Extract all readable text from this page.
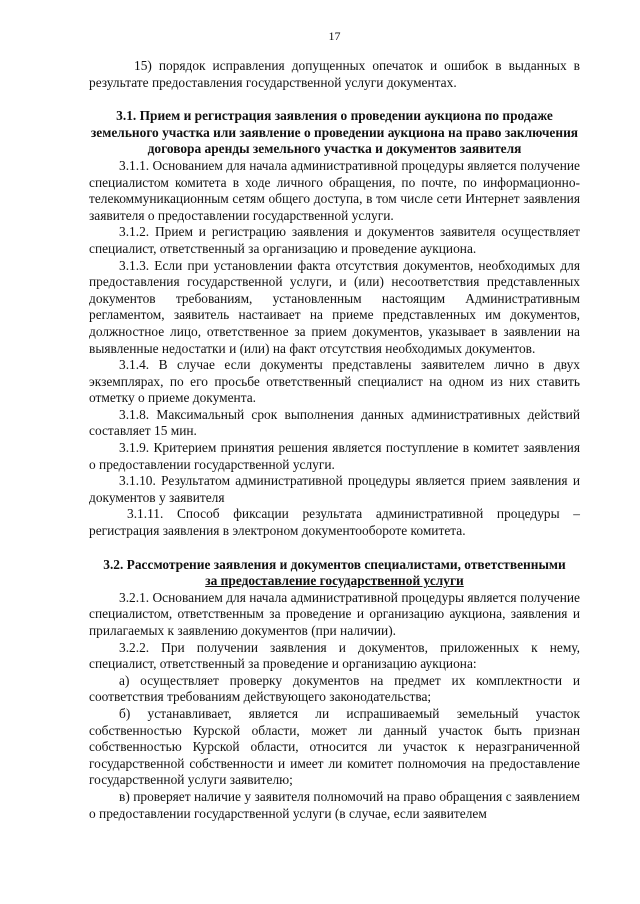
17

15) порядок исправления допущенных опечаток и ошибок в выданных в результате предоставления государственной услуги документах.

3.1. Прием и регистрация заявления о проведении аукциона по продаже земельного участка или заявление о проведении аукциона на право заключения договора аренды земельного участка и документов заявителя

3.1.1. Основанием для начала административной процедуры является получение специалистом комитета в ходе личного обращения, по почте, по информационно-телекоммуникационным сетям общего доступа, в том числе сети Интернет заявления заявителя о предоставлении государственной услуги.

3.1.2. Прием и регистрацию заявления и документов заявителя осуществляет специалист, ответственный за организацию и проведение аукциона.

3.1.3. Если при установлении факта отсутствия документов, необходимых для предоставления государственной услуги, и (или) несоответствия представленных документов требованиям, установленным настоящим Административным регламентом, заявитель настаивает на приеме представленных им документов, должностное лицо, ответственное за прием документов, указывает в заявлении на выявленные недостатки и (или) на факт отсутствия необходимых документов.

3.1.4. В случае если документы представлены заявителем лично в двух экземплярах, по его просьбе ответственный специалист на одном из них ставить отметку о приеме документа.

3.1.8. Максимальный срок выполнения данных административных действий составляет 15 мин.

3.1.9. Критерием принятия решения является поступление в комитет заявления о предоставлении государственной услуги.

3.1.10. Результатом административной процедуры является прием заявления и документов у заявителя

3.1.11. Способ фиксации результата административной процедуры – регистрация заявления в электроном документообороте комитета.

3.2. Рассмотрение заявления и документов специалистами, ответственными
за предоставление государственной услуги

3.2.1. Основанием для начала административной процедуры является получение специалистом, ответственным за проведение и организацию аукциона, заявления и прилагаемых к заявлению документов (при наличии).

3.2.2. При получении заявления и документов, приложенных к нему, специалист, ответственный за проведение и организацию аукциона:

а) осуществляет проверку документов на предмет их комплектности и соответствия требованиям действующего законодательства;

б) устанавливает, является ли испрашиваемый земельный участок собственностью Курской области, может ли данный участок быть признан собственностью Курской области, относится ли участок к неразграниченной государственной собственности и имеет ли комитет полномочия на предоставление государственной услуги заявителю;

в) проверяет наличие у заявителя полномочий на право обращения с заявлением о предоставлении государственной услуги (в случае, если заявителем
